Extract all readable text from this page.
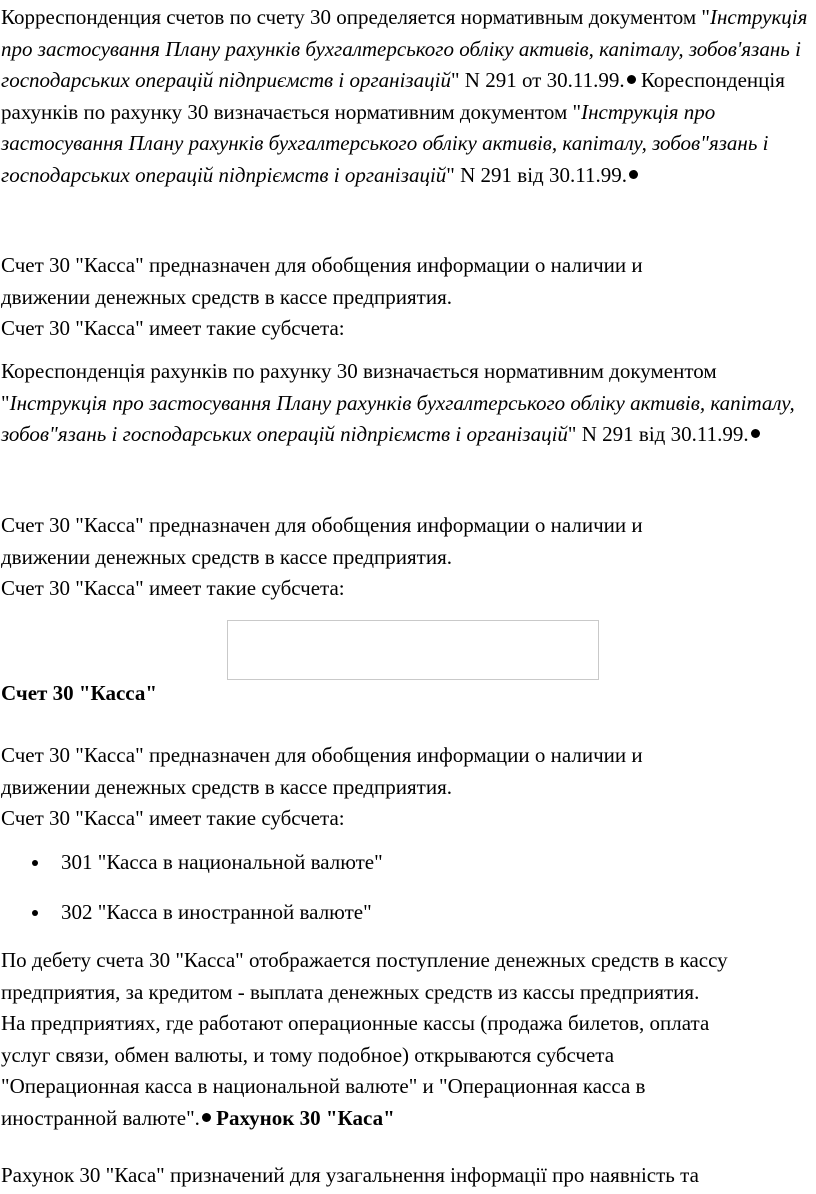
Корреспонденция счетов по счету 30 определяется нормативным документом "Інструкція про застосування Плану рахунків бухгалтерського обліку активів, капіталу, зобов'язань і господарських операцій підприємств і організацій" N 291 от 30.11.99. Кореспонденція рахунків по рахунку 30 визначається нормативним документом "Інструкція про застосування Плану рахунків бухгалтерського обліку активів, капіталу, зобов"язань і господарських операцій підпріємств і організацій" N 291 від 30.11.99.

Счет 30 "Касса" предназначен для обобщения информации о наличии и

движении денежных средств в кассе предприятия.

Счет 30 "Касса" имеет такие субсчета:

Кореспонденція рахунків по рахунку 30 визначається нормативним документом "Інструкція про застосування Плану рахунків бухгалтерського обліку активів, капіталу, зобов"язань і господарських операцій підпріємств і організацій" N 291 від 30.11.99.

Счет 30 "Касса" предназначен для обобщения информации о наличии и

движении денежных средств в кассе предприятия.

Счет 30 "Касса" имеет такие субсчета:

Счет 30 "Касса"

Счет 30 "Касса" предназначен для обобщения информации о наличии и

движении денежных средств в кассе предприятия.

Счет 30 "Касса" имеет такие субсчета:

301 "Касса в национальной валюте"
302 "Касса в иностранной валюте"

По дебету счета 30 "Касса" отображается поступление денежных средств в кассу

предприятия, за кредитом - выплата денежных средств из кассы предприятия.

На предприятиях, где работают операционные кассы (продажа билетов, оплата

услуг связи, обмен валюты, и тому подобное) открываются субсчета

"Операционная касса в национальной валюте" и "Операционная касса в

иностранной валюте". Рахунок 30 "Каса"

Рахунок 30 "Каса" призначений для узагальнення інформації про наявність та
